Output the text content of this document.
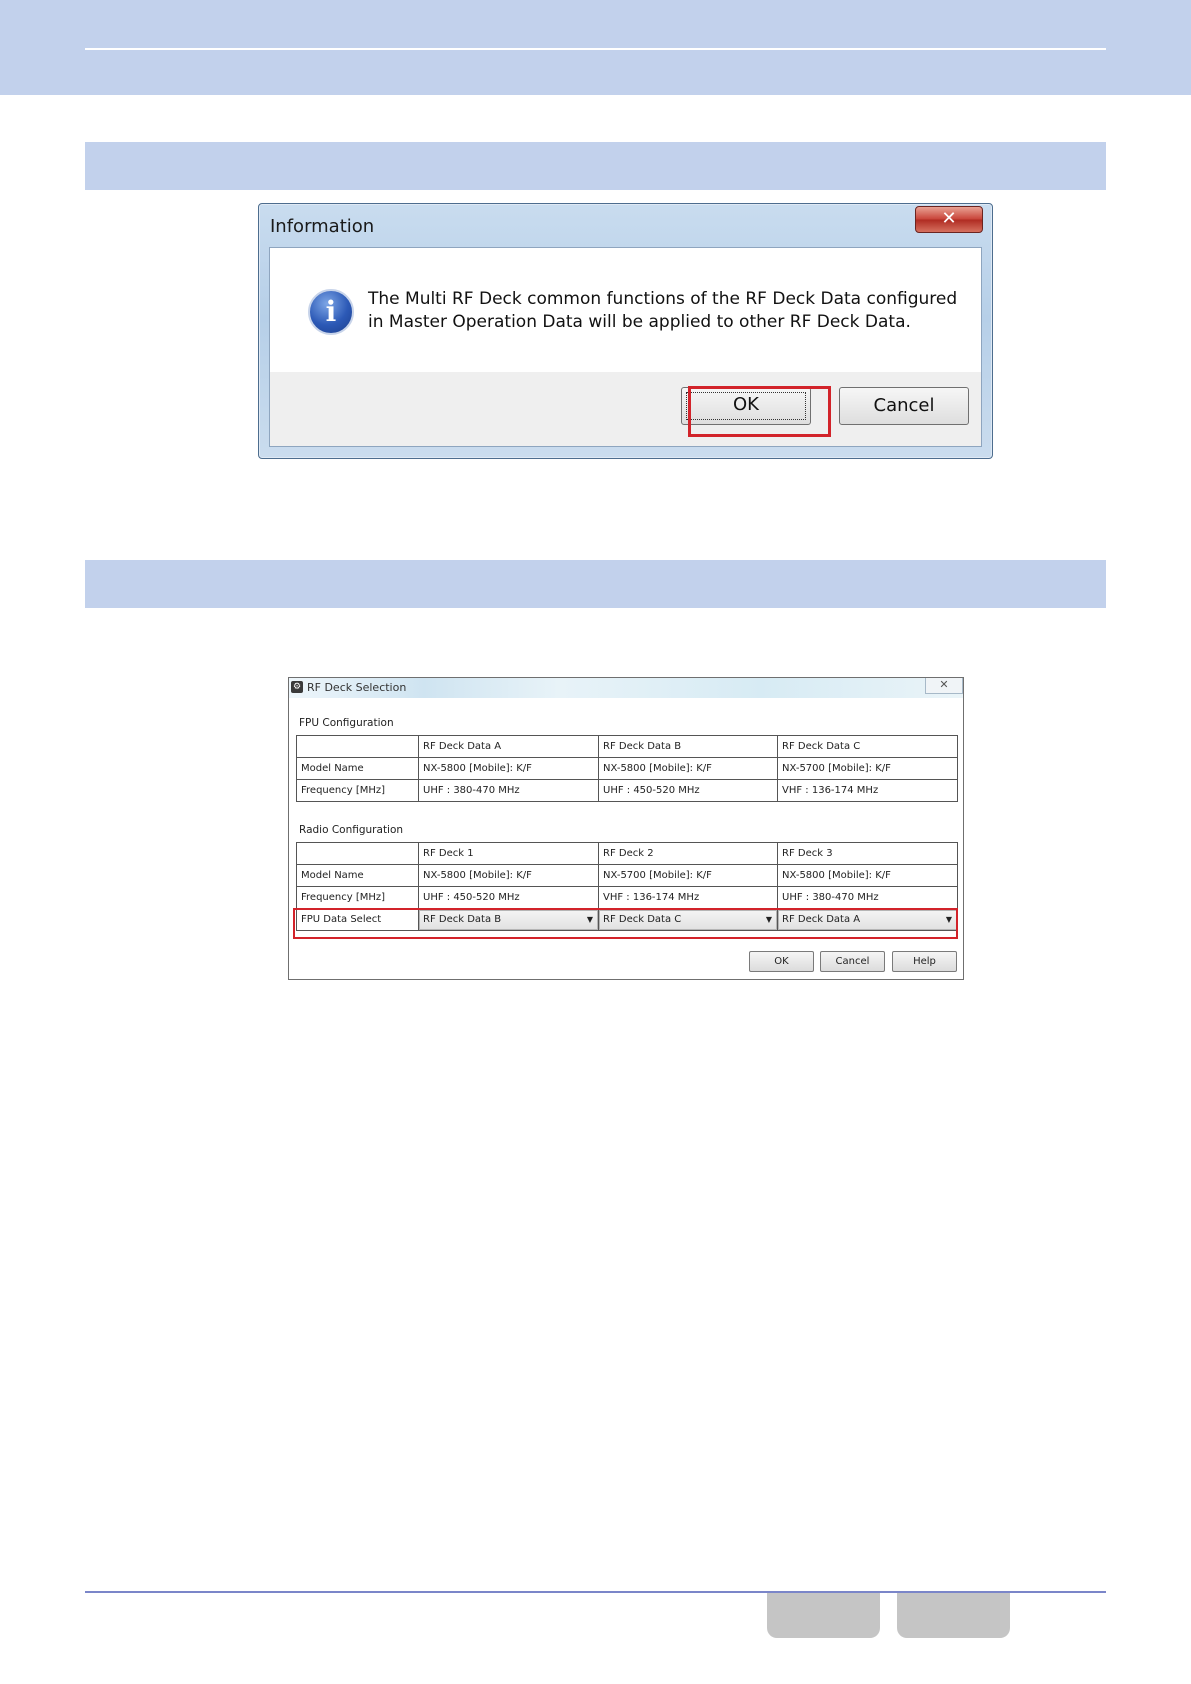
Information	✕
i	The Multi RF Deck common functions of the RF Deck Data configured
in Master Operation Data will be applied to other RF Deck Data.
OK	Cancel
⚙ RF Deck Selection	✕
FPU Configuration
	RF Deck Data A	RF Deck Data B	RF Deck Data C
Model Name	NX-5800 [Mobile]: K/F	NX-5800 [Mobile]: K/F	NX-5700 [Mobile]: K/F
Frequency [MHz]	UHF : 380-470 MHz	UHF : 450-520 MHz	VHF : 136-174 MHz
Radio Configuration
	RF Deck 1	RF Deck 2	RF Deck 3
Model Name	NX-5800 [Mobile]: K/F	NX-5700 [Mobile]: K/F	NX-5800 [Mobile]: K/F
Frequency [MHz]	UHF : 450-520 MHz	VHF : 136-174 MHz	UHF : 380-470 MHz
FPU Data Select	RF Deck Data B ▼	RF Deck Data C ▼	RF Deck Data A ▼
OK	Cancel	Help
